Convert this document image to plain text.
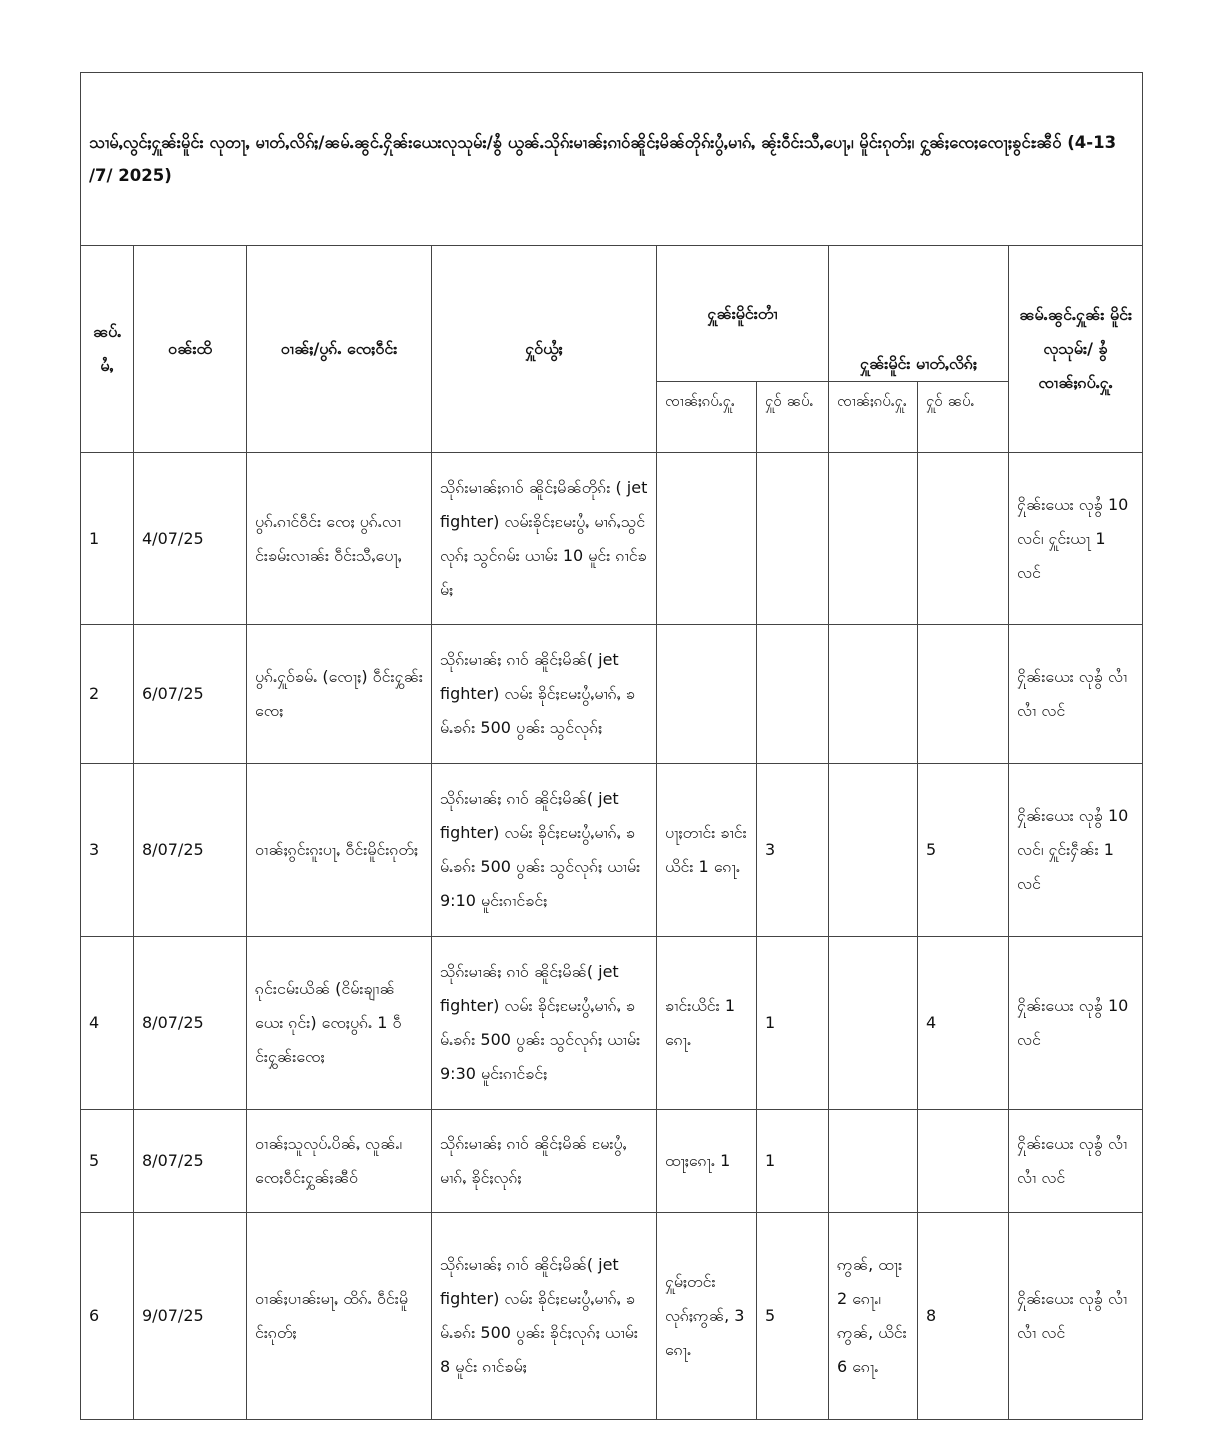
သၢမ်ႇလွင်ႈႁူၼ်းမိူင်း လုတႃႇ မၢတ်ႇလိၵ်ႈ/ၼမ်ႉၼွင်ႉႁိုၼ်းယေးလုသုမ်း/ၶွႆ ယွၼ်ႉသိုၵ်းမၢၼ်ႈၵၢဝ်ၼိူင်ႈမိၼ်တိုၵ်းပွႆႇမၢၵ်ႇ ၼႂ်းဝဵင်းသီႇပေႃႇ၊ မိူင်းၵုတ်ႈ၊ ႁွၼ်ႈ​ၸေႈ​ၸေႃႈၶွင်ႊၼီဝ် (4-13 /7/ 2025)								
ၼပ်ႉ မႆႇ	ဝၼ်းထိ	ဝၢၼ်ႈ/ပွၵ်ႉ ၸေႈဝဵင်း	ႁူဝ်ယွႆႈ	ႁူၼ်းမိူင်းတၢႆ		ႁူၼ်းမိူင်း မၢတ်ႇလိၵ်ႈ		ၼမ်ႉၼွင်ႉႁူၼ်း မိူင်းလုသုမ်း/ ၶွႆ ၸၢၼ်ႈၵပ်ႉႁူႉ
				ၸၢၼ်ႈၵပ်ႉႁူႉ	ႁူဝ် ၼပ်ႉ	ၸၢၼ်ႈၵပ်ႉႁူႉ	ႁူဝ် ၼပ်ႉ	
1	4/07/25	ပွၵ်ႉၵၢင်ဝဵင်း ၸေႈ ပွၵ်ႉလၢင်းၶမ်းလၢၼ်း ဝဵင်းသီႇပေႃႇ	သိုၵ်းမၢၼ်ႈၵၢဝ် ၼိူင်ႈမိၼ်တိုၵ်း ( jet fighter) လမ်းၶိုင်ႈမႄးပွႆႇ မၢၵ်ႇသွင် လုၵ်ႈ သွင်ၵမ်း ယၢမ်း 10 မူင်း ၵၢင်ၶမ်ႈ					ႁိုၼ်းယေး လုၶွႆ 10 လင်၊ ႁူင်းယႃ 1 လင်
2	6/07/25	ပွၵ်ႉႁူဝ်ၶမ်ႉ (ၸေႃႈ) ဝဵင်းႁွၼ်း ၸေႈ	သိုၵ်းမၢၼ်ႈ ၵၢဝ် ၼိူင်ႈမိၼ်( jet fighter) လမ်း ၶိုင်ႈမႄးပွႆႇမၢၵ်ႇ ၶမ်ႉၶၵ်း 500 ပွၼ်း သွင်လုၵ်ႈ					ႁိုၼ်းယေး လုၶွႆ လၢႆလၢႆ လင်
3	8/07/25	ဝၢၼ်ႈၵွင်းၵူးပႃႇ ဝဵင်းမိူင်းၵုတ်ႈ	သိုၵ်းမၢၼ်ႈ ၵၢဝ် ၼိူင်ႈမိၼ်( jet fighter) လမ်း ၶိုင်ႈမႄးပွႆႇမၢၵ်ႇ ၶမ်ႉၶၵ်း 500 ပွၼ်း သွင်လုၵ်ႈ ယၢမ်း 9:10 မူင်းၵၢင်ၶင်ႈ	ပႃႈတၢင်း ၶၢင်းယိင်း 1 ၵေႃႉ	3		5	ႁိုၼ်းယေး လုၶွႆ 10 လင်၊ ႁူင်းႁဵၼ်း 1 လင်
4	8/07/25	ၵုင်းငမ်းယိၼ် (ငိမ်းၶျၢၼ်ယေး ၵုင်း) ၸေႈပွၵ်ႉ 1 ဝဵင်းႁွၼ်းၸေႈ	သိုၵ်းမၢၼ်ႈ ၵၢဝ် ၼိူင်ႈမိၼ်( jet fighter) လမ်း ၶိုင်ႈမႄးပွႆႇမၢၵ်ႇ ၶမ်ႉၶၵ်း 500 ပွၼ်း သွင်လုၵ်ႈ ယၢမ်း 9:30 မူင်းၵၢင်ၶင်ႈ	ၶၢင်းယိင်း 1 ၵေႃႉ	1		4	ႁိုၼ်းယေး လုၶွႆ 10 လင်
5	8/07/25	ဝၢၼ်ႈသူလုပ်ႉပိၼ်ႇ လူၼ်ႉ၊ ၸေႈဝဵင်းႁွၼ်ႈၼီဝ်	သိုၵ်းမၢၼ်ႈ ၵၢဝ် ၼိူင်ႈမိၼ် မႄးပွႆႇ မၢၵ်ႇ ၶိုင်ႈလုၵ်ႈ	ထႃႈၵေႃႉ 1	1			ႁိုၼ်းယေး လုၶွႆ လၢႆလၢႆ လင်
6	9/07/25	ဝၢၼ်ႈပၢၼ်းမႃႇ ထိၵ်ႉ ဝဵင်းမိူင်းၵုတ်ႈ	သိုၵ်းမၢၼ်ႈ ၵၢဝ် ၼိူင်ႈမိၼ်( jet fighter) လမ်း ၶိုင်ႈမႄးပွႆႇမၢၵ်ႇ ၶမ်ႉၶၵ်း 500 ပွၼ်း ၶိုင်ႈလုၵ်ႈ ယၢမ်း 8 မူင်း ၵၢင်ၶမ်ႈ	ႁူမ်ႈတင်း လုၵ်ႈဢွၼ်, 3 ၵေႃႉ	5	ဢွၼ်, ထႃး 2 ၵေႃႉ၊ ဢွၼ်, ယိင်း 6 ၵေႃႉ	8	ႁိုၼ်းယေး လုၶွႆ လၢႆလၢႆ လင်
